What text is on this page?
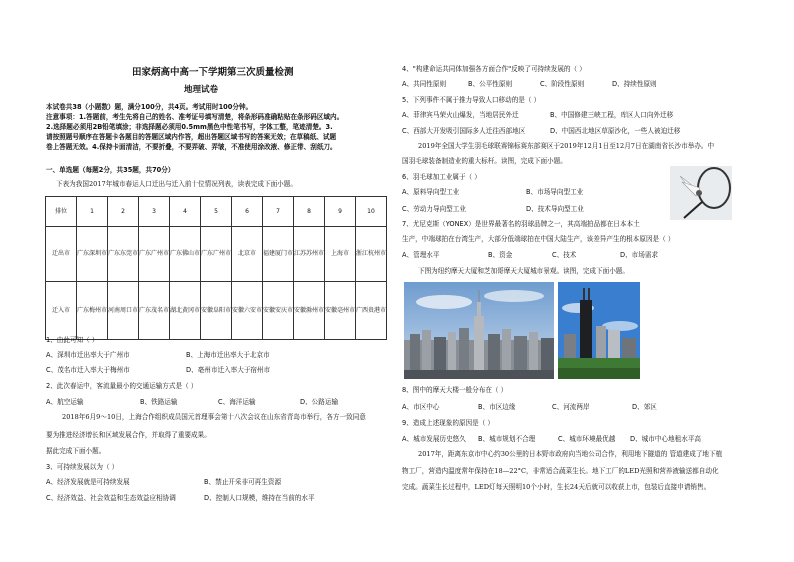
田家炳高中高一下学期第三次质量检测
地理试卷
本试卷共38（小题数）题，满分100分，共4页。考试用时100分钟。
注意事项：1.答题前，考生先将自己的姓名、准考证号填写清楚，将条形码准确粘贴在条形码区域内。
2.选择题必须用2B铅笔填涂；非选择题必须用0.5mm黑色中性笔书写，字体工整，笔迹清楚。3.
请按照题号顺序在答题卡各题目的答题区域内作答，超出答题区域书写的答案无效；在草稿纸、试题
卷上答题无效。4.保持卡面清洁，不要折叠，不要弄破、弄皱，不准使用涂改液、修正带、刮纸刀。
一、单选题（每题2分，共35题，共70分）
下表为我国2017年城市春运人口迁出与迁入前十位情况列表，读表完成下面小题。
排位	1	2	3	4	5	6	7	8	9	10
迁出市	广东深圳市	广东东莞市	广东广州市	广东佛山市	广东广州市	北京市	福建厦门市	江苏苏州市	上海市	浙江杭州市
迁入市	广东梅州市	河南周口市	广东茂名市	湖北黄冈市	安徽阜阳市	安徽六安市	安徽安庆市	安徽滁州市	安徽亳州市	广西贵港市
1、由此可知（ ）
A、深圳市迁出率大于广州市	B、上海市迁出率大于北京市
C、茂名市迁入率大于梅州市	D、亳州市迁入率大于宿州市
2、此次春运中，客流量最小的交通运输方式是（ ）
A、航空运输	B、铁路运输	C、海洋运输	D、公路运输
2018年6月9～10日，上海合作组织成员国元首理事会第十八次会议在山东省青岛市举行，各方一致同意
要为推进经济增长和区域发展合作，并取得了重要成果。
据此完成下面小题。
3、可持续发展以为（ ）
A、经济发展就是可持续发展	B、禁止开采非可再生资源
C、经济效益、社会效益和生态效益应相协调	D、控制人口规模，维持在当前的水平
4、"构建命运共同体加强各方面合作"反映了可持续发展的（ ）
A、共同性原则	B、公平性原则	C、阶段性原则	D、持续性原则
5、下列事件不属于推力导致人口移动的是（ ）
A、菲律宾马荣火山爆发，当地居民外迁	B、中国修建三峡工程，库区人口向外迁移
C、西部大开发吸引国际多人迁往西部地区	D、中国西北地区草原沙化，一些人被迫迁移
2019年全国大学生羽毛球联赛锦标赛东部赛区于2019年12月1日至12月7日在湖南省长沙市举办。中
国羽毛球装备制造业的重大标杆。读图，完成下面小题。
6、羽毛球加工业属于（ ）
A、原料导向型工业	B、市场导向型工业
C、劳动力导向型工业	D、技术导向型工业
7、尤尼克斯（YONEX）是世界最著名的羽球品牌之一，其高端拍品都在日本本土
生产，中端球拍在台湾生产，大部分低端球拍在中国大陆生产，该差异产生的根本原因是（ ）
A、管理水平	B、资金	C、技术	D、市场需求
下图为纽约摩天大厦和芝加哥摩天大厦城市景观。读图，完成下面小题。
8、图中的摩天大楼一般分布在（ ）
A、市区中心	B、市区边缘	C、河流两岸	D、郊区
9、造成上述现象的原因是（ ）
A、城市发展历史悠久 B、城市规划不合理	C、城市环境最优越 D、城市中心地租水平高
2017年，距离东京市中心约30公里的日本野市政府向当地公司合作，利用地下隧道的 管道建成了地下植
物工厂，营造内温度常年保持在18—22°C，非常适合蔬菜生长。地下工厂的LED光照和营养液输送都自动化
完成。蔬菜生长过程中，LED灯每天照明10个小时，生长24天后就可以收获上市，包装后直接申请销售。
